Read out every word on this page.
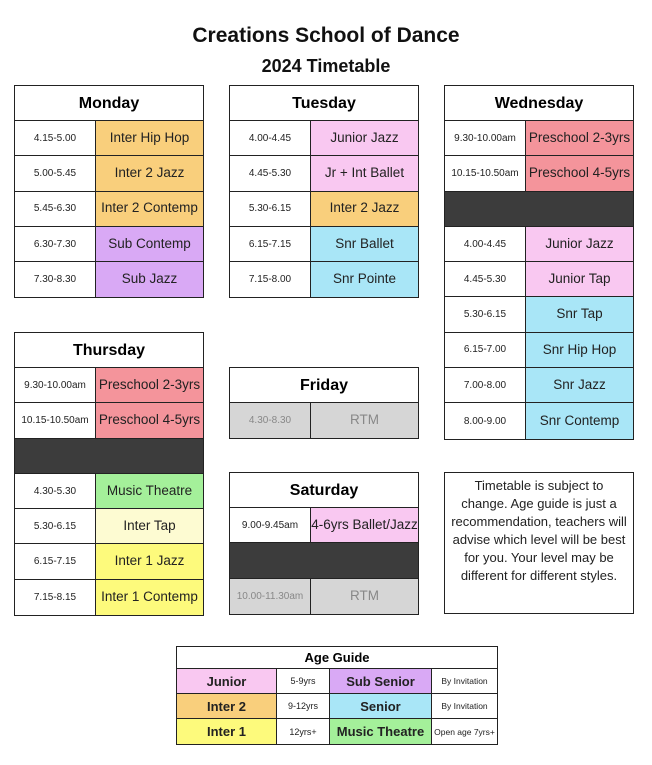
Creations School of Dance
2024 Timetable
Monday
4.15-5.00	Inter Hip Hop
5.00-5.45	Inter 2 Jazz
5.45-6.30	Inter 2 Contemp
6.30-7.30	Sub Contemp
7.30-8.30	Sub Jazz
Tuesday
4.00-4.45	Junior Jazz
4.45-5.30	Jr + Int Ballet
5.30-6.15	Inter 2 Jazz
6.15-7.15	Snr Ballet
7.15-8.00	Snr Pointe
Wednesday
9.30-10.00am Preschool 2-3yrs
10.15-10.50am Preschool 4-5yrs
4.00-4.45	Junior Jazz
4.45-5.30	Junior Tap
5.30-6.15	Snr Tap
6.15-7.00	Snr Hip Hop
7.00-8.00	Snr Jazz
8.00-9.00	Snr Contemp
Thursday
9.30-10.00am Preschool 2-3yrs
10.15-10.50am Preschool 4-5yrs
4.30-5.30	Music Theatre
5.30-6.15	Inter Tap
6.15-7.15	Inter 1 Jazz
7.15-8.15	Inter 1 Contemp
Friday
4.30-8.30	RTM
Saturday
9.00-9.45am 4-6yrs Ballet/Jazz
10.00-11.30am	RTM
Timetable is subject to change. Age guide is just a recommendation, teachers will advise which level will be best for you. Your level may be different for different styles.
Age Guide
Junior	5-9yrs	Sub Senior	By Invitation
Inter 2	9-12yrs	Senior	By Invitation
Inter 1	12yrs+	Music Theatre	Open age 7yrs+
